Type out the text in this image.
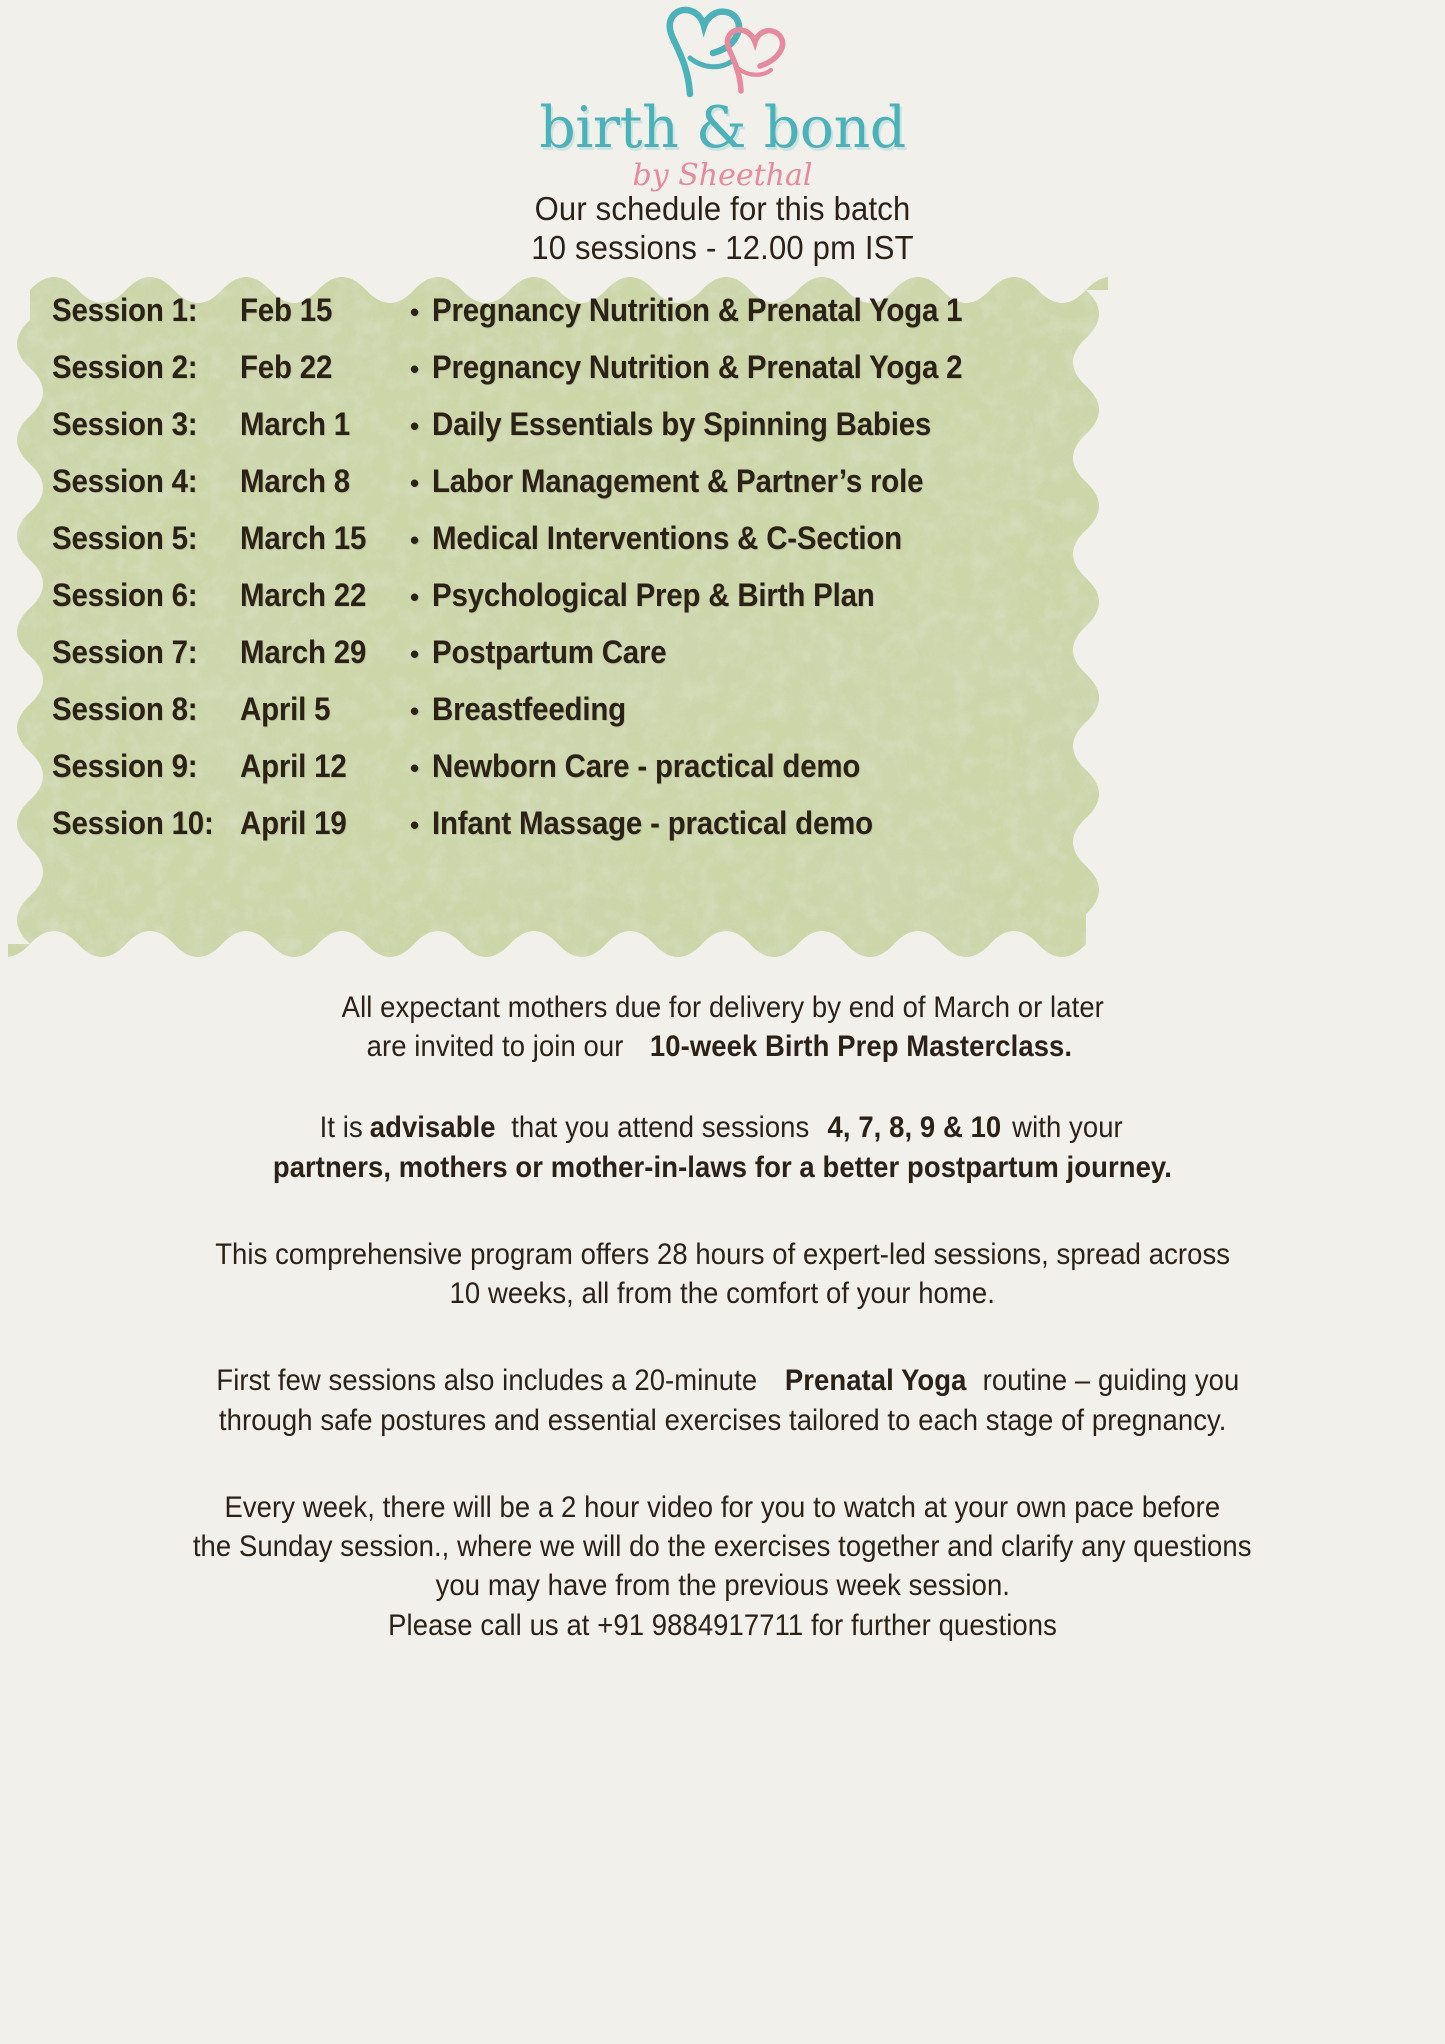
birth & bond
by Sheethal
Our schedule for this batch
10 sessions - 12.00 pm IST
Session 1:	Feb 15	• Pregnancy Nutrition & Prenatal Yoga 1
Session 2:	Feb 22	• Pregnancy Nutrition & Prenatal Yoga 2
Session 3:	March 1	• Daily Essentials by Spinning Babies
Session 4:	March 8	• Labor Management & Partner’s role
Session 5:	March 15	• Medical Interventions & C-Section
Session 6:	March 22	• Psychological Prep & Birth Plan
Session 7:	March 29	• Postpartum Care
Session 8:	April 5	• Breastfeeding
Session 9:	April 12	• Newborn Care - practical demo
Session 10: April 19	• Infant Massage - practical demo

All expectant mothers due for delivery by end of March or later

are invited to join our10-week Birth Prep Masterclass.

It isadvisablethat you attend sessions4, 7, 8, 9 & 10with your

partners, mothers or mother-in-laws for a better postpartum journey.

This comprehensive program offers 28 hours of expert-led sessions, spread across

10 weeks, all from the comfort of your home.

First few sessions also includes a 20-minutePrenatal Yogaroutine – guiding you

through safe postures and essential exercises tailored to each stage of pregnancy.

Every week, there will be a 2 hour video for you to watch at your own pace before

the Sunday session., where we will do the exercises together and clarify any questions

you may have from the previous week session.

Please call us at +91 9884917711 for further questions
